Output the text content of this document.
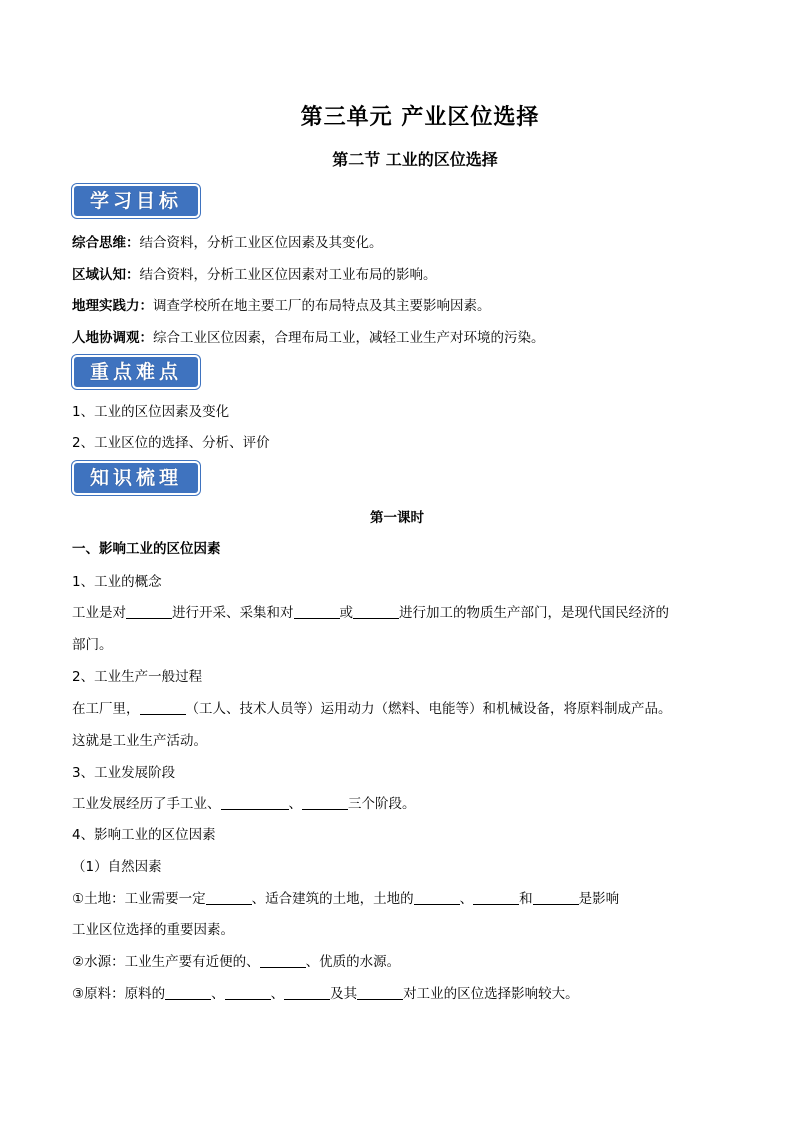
第三单元 产业区位选择
第二节 工业的区位选择
学习目标
综合思维：结合资料，分析工业区位因素及其变化。
区域认知：结合资料，分析工业区位因素对工业布局的影响。
地理实践力：调查学校所在地主要工厂的布局特点及其主要影响因素。
人地协调观：综合工业区位因素，合理布局工业，减轻工业生产对环境的污染。
重点难点
1、工业的区位因素及变化
2、工业区位的选择、分析、评价
知识梳理
第一课时
一、影响工业的区位因素
1、工业的概念
工业是对	进行开采、采集和对	或	进行加工的物质生产部门，是现代国民经济的
部门。
2、工业生产一般过程
在工厂里，	（工人、技术人员等）运用动力（燃料、电能等）和机械设备，将原料制成产品。
这就是工业生产活动。
3、工业发展阶段
工业发展经历了手工业、	、	三个阶段。
4、影响工业的区位因素
（1）自然因素
①土地：工业需要一定	、适合建筑的土地，土地的	、	和	是影响
工业区位选择的重要因素。
②水源：工业生产要有近便的、	、优质的水源。
③原料：原料的	、	、	及其	对工业的区位选择影响较大。
